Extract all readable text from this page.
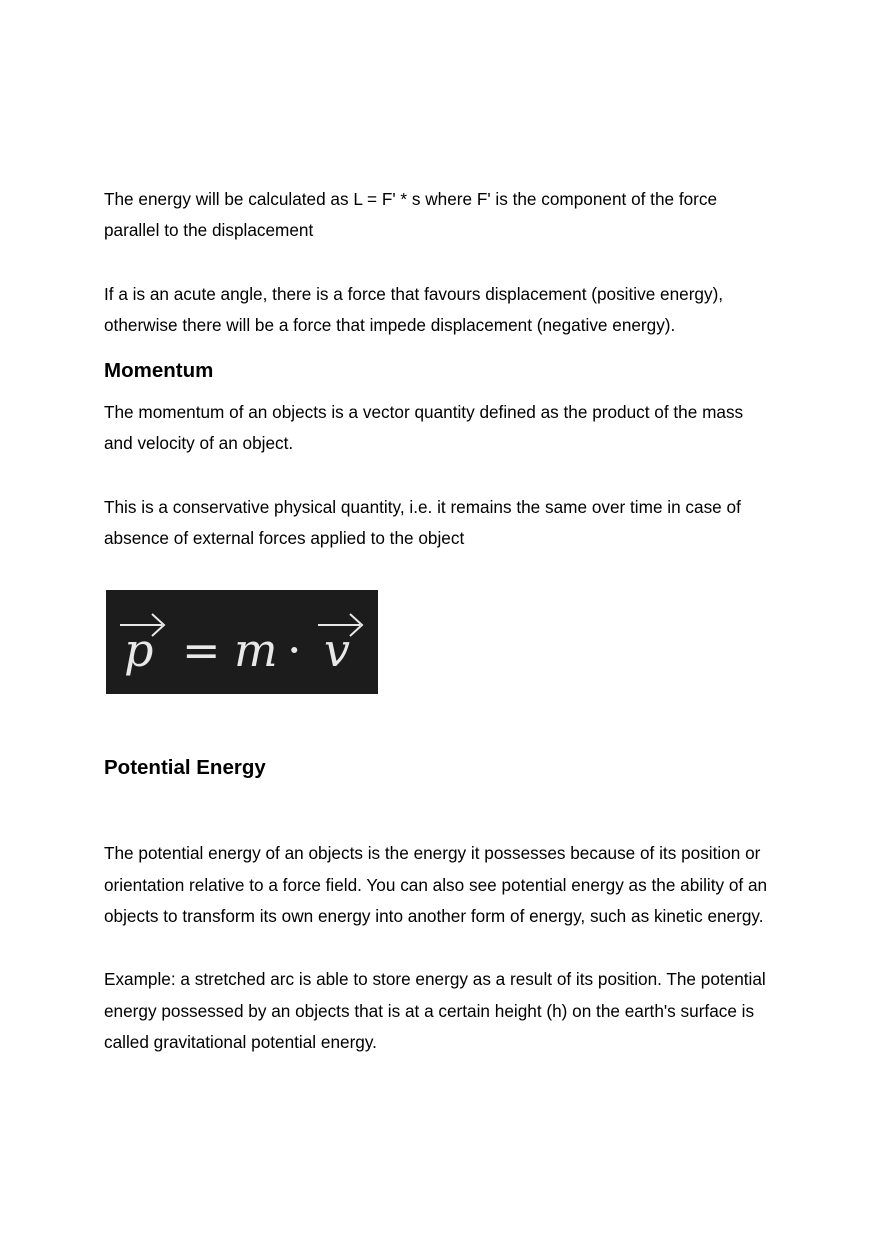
The energy will be calculated as L = F' * s where F' is the component of the force parallel to the displacement

If a is an acute angle, there is a force that favours displacement (positive energy), otherwise there will be a force that impede displacement (negative energy).

Momentum

The momentum of an objects is a vector quantity defined as the product of the mass and velocity of an object.

This is a conservative physical quantity, i.e. it remains the same over time in case of absence of external forces applied to the object

p = m · v
Potential Energy

The potential energy of an objects is the energy it possesses because of its position or orientation relative to a force field. You can also see potential energy as the ability of an objects to transform its own energy into another form of energy, such as kinetic energy.

Example: a stretched arc is able to store energy as a result of its position. The potential energy possessed by an objects that is at a certain height (h) on the earth's surface is called gravitational potential energy.
